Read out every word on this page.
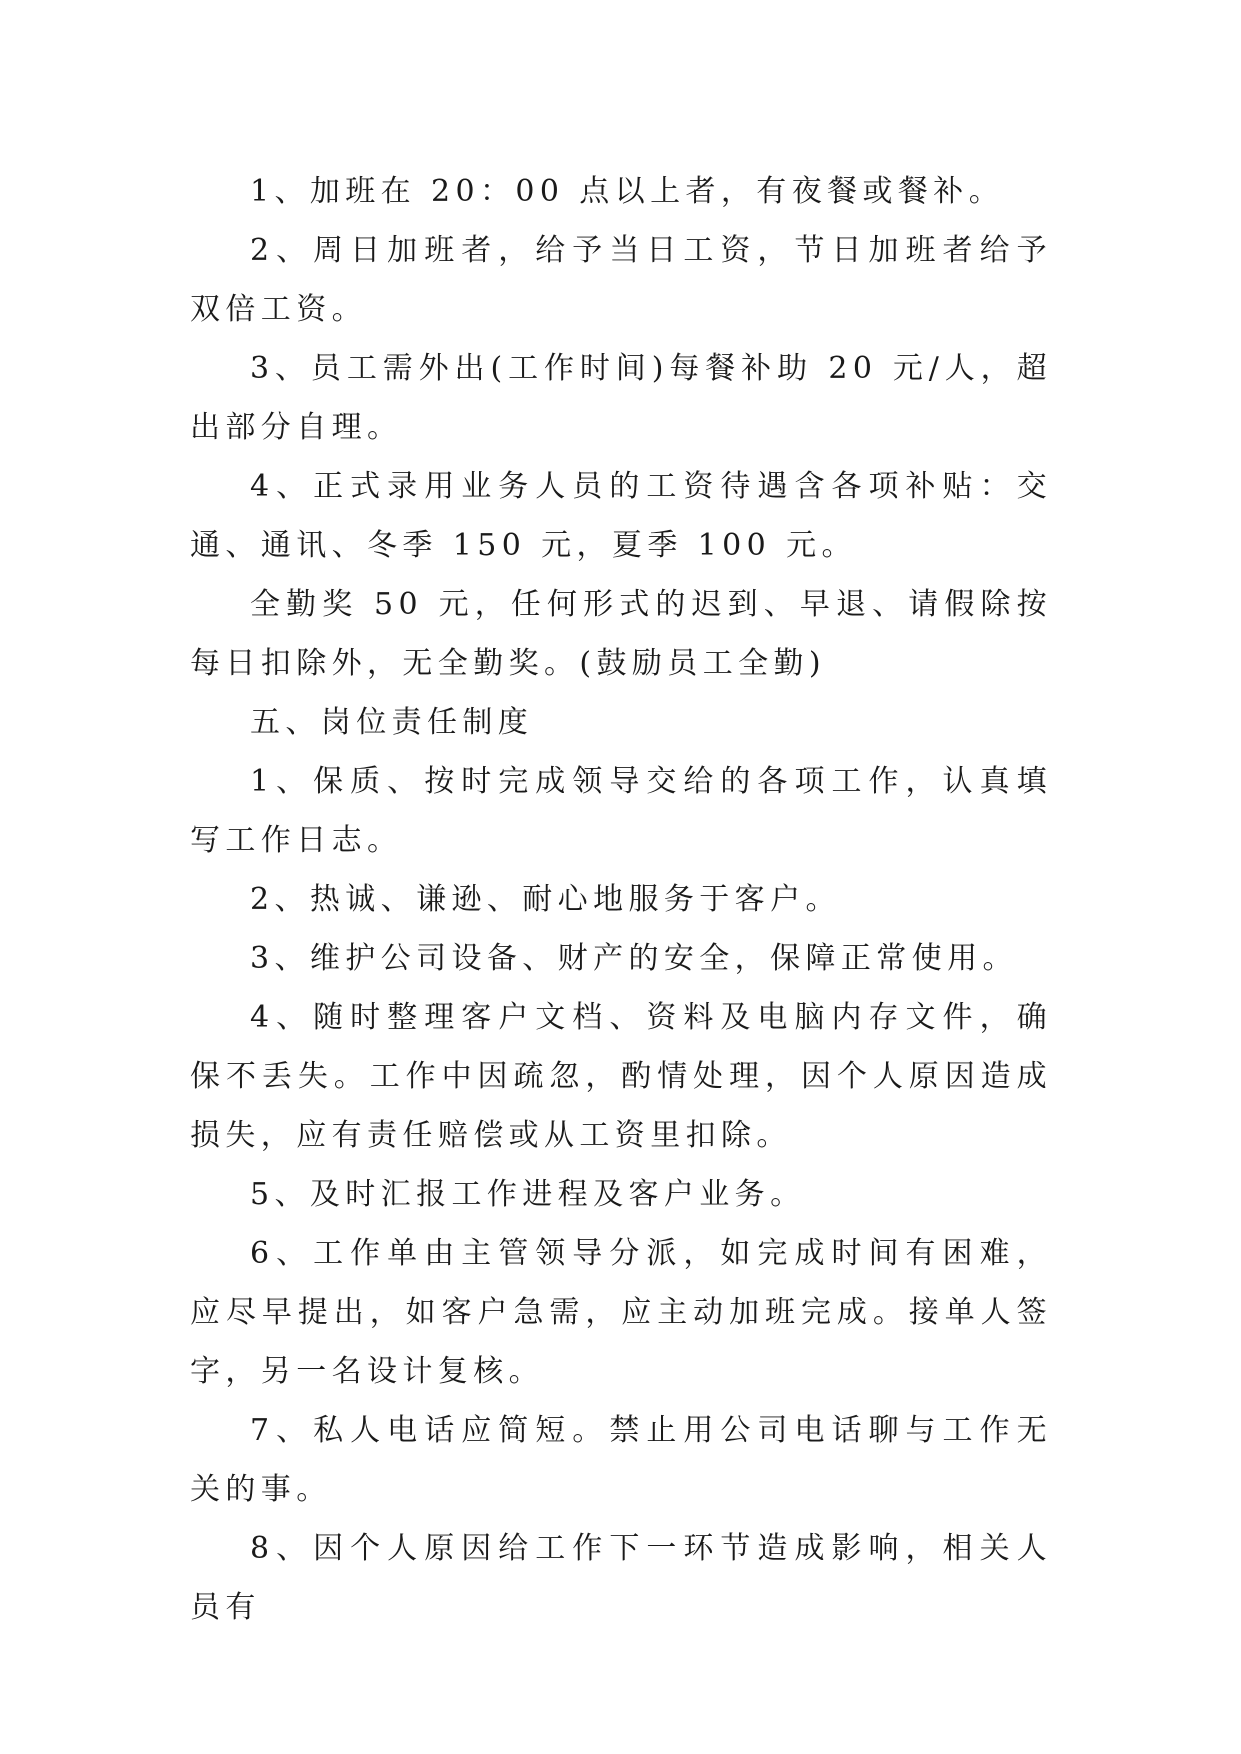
1、加班在 20：00 点以上者，有夜餐或餐补。

2、周日加班者，给予当日工资，节日加班者给予双倍工资。

3、员工需外出(工作时间)每餐补助 20 元/人，超出部分自理。

4、正式录用业务人员的工资待遇含各项补贴：交通、通讯、冬季 150 元，夏季 100 元。

全勤奖 50 元，任何形式的迟到、早退、请假除按每日扣除外，无全勤奖。(鼓励员工全勤)

五、岗位责任制度

1、保质、按时完成领导交给的各项工作，认真填写工作日志。

2、热诚、谦逊、耐心地服务于客户。

3、维护公司设备、财产的安全，保障正常使用。

4、随时整理客户文档、资料及电脑内存文件，确保不丢失。工作中因疏忽，酌情处理，因个人原因造成损失，应有责任赔偿或从工资里扣除。

5、及时汇报工作进程及客户业务。

6、工作单由主管领导分派，如完成时间有困难，应尽早提出，如客户急需，应主动加班完成。接单人签字，另一名设计复核。

7、私人电话应简短。禁止用公司电话聊与工作无关的事。

8、因个人原因给工作下一环节造成影响，相关人员有
